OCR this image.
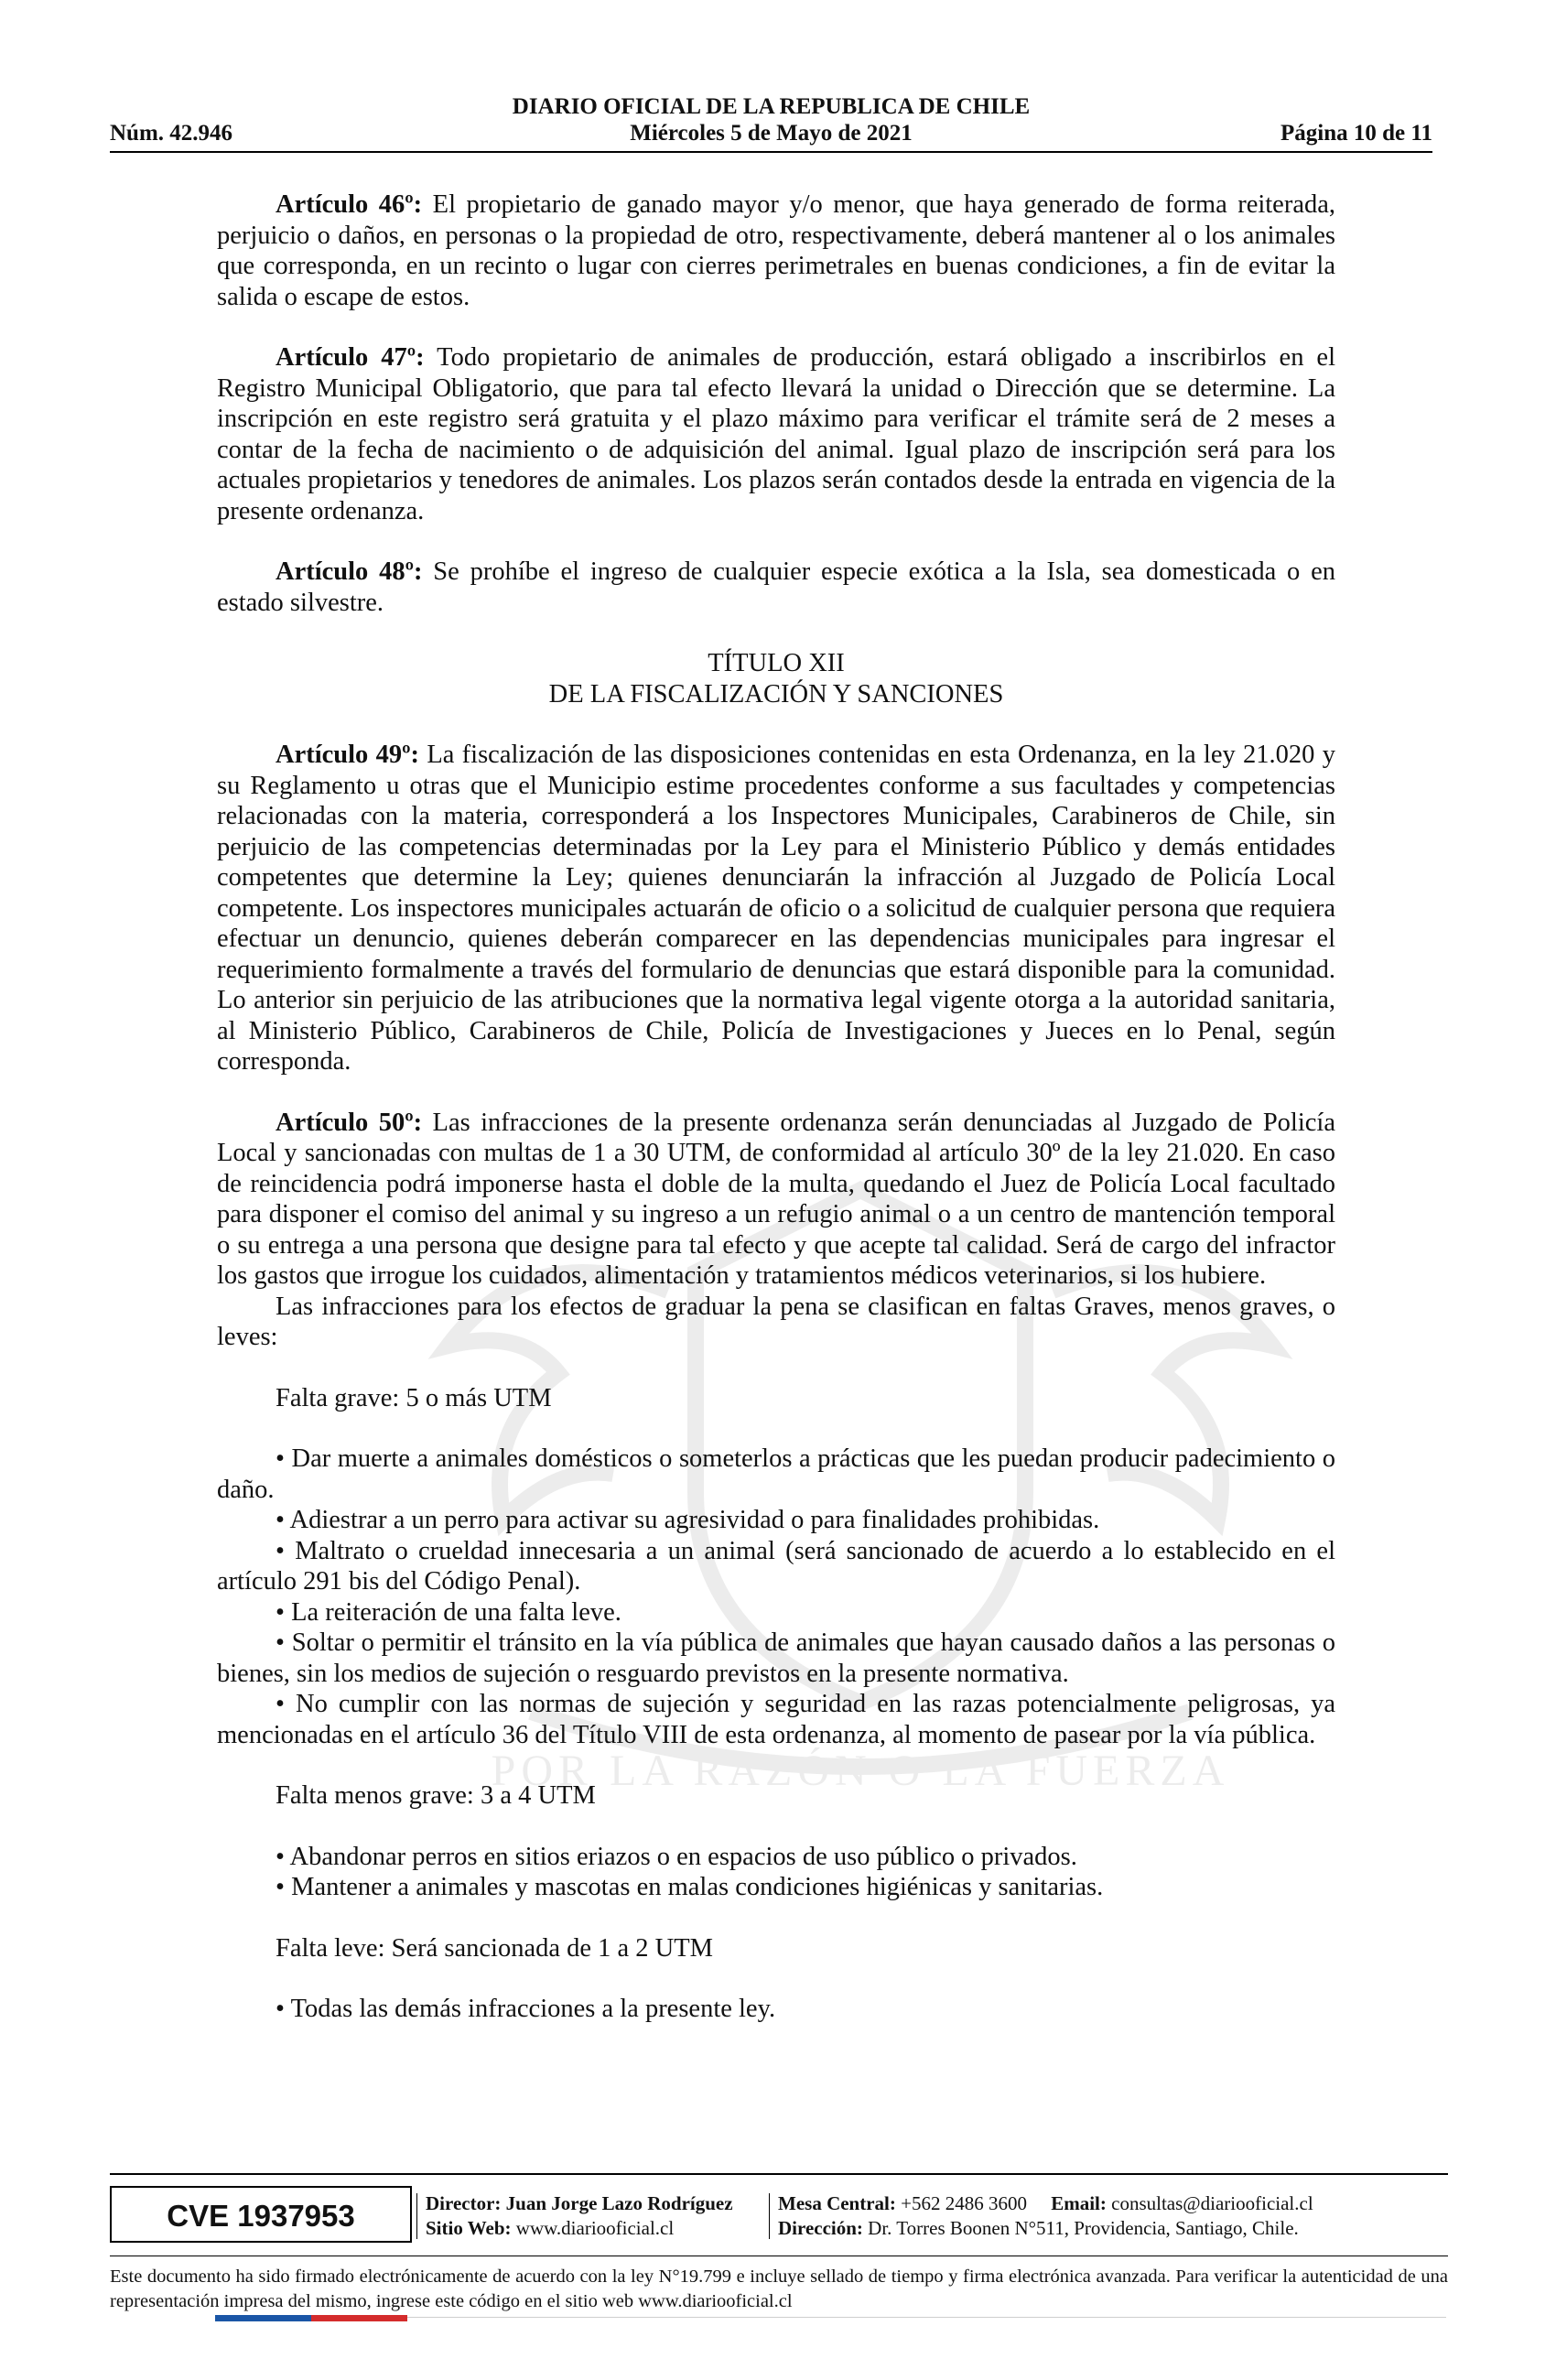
POR LA RAZÓN O LA FUERZA
DIARIO OFICIAL DE LA REPUBLICA DE CHILE
Núm. 42.946	Miércoles 5 de Mayo de 2021	Página 10 de 11

Artículo 46º: El propietario de ganado mayor y/o menor, que haya generado de forma reiterada, perjuicio o daños, en personas o la propiedad de otro, respectivamente, deberá mantener al o los animales que corresponda, en un recinto o lugar con cierres perimetrales en buenas condiciones, a fin de evitar la salida o escape de estos.

Artículo 47º: Todo propietario de animales de producción, estará obligado a inscribirlos en el Registro Municipal Obligatorio, que para tal efecto llevará la unidad o Dirección que se determine. La inscripción en este registro será gratuita y el plazo máximo para verificar el trámite será de 2 meses a contar de la fecha de nacimiento o de adquisición del animal. Igual plazo de inscripción será para los actuales propietarios y tenedores de animales. Los plazos serán contados desde la entrada en vigencia de la presente ordenanza.

Artículo 48º: Se prohíbe el ingreso de cualquier especie exótica a la Isla, sea domesticada o en estado silvestre.

TÍTULO XII
DE LA FISCALIZACIÓN Y SANCIONES

Artículo 49º: La fiscalización de las disposiciones contenidas en esta Ordenanza, en la ley 21.020 y su Reglamento u otras que el Municipio estime procedentes conforme a sus facultades y competencias relacionadas con la materia, corresponderá a los Inspectores Municipales, Carabineros de Chile, sin perjuicio de las competencias determinadas por la Ley para el Ministerio Público y demás entidades competentes que determine la Ley; quienes denunciarán la infracción al Juzgado de Policía Local competente. Los inspectores municipales actuarán de oficio o a solicitud de cualquier persona que requiera efectuar un denuncio, quienes deberán comparecer en las dependencias municipales para ingresar el requerimiento formalmente a través del formulario de denuncias que estará disponible para la comunidad. Lo anterior sin perjuicio de las atribuciones que la normativa legal vigente otorga a la autoridad sanitaria, al Ministerio Público, Carabineros de Chile, Policía de Investigaciones y Jueces en lo Penal, según corresponda.

Artículo 50º: Las infracciones de la presente ordenanza serán denunciadas al Juzgado de Policía Local y sancionadas con multas de 1 a 30 UTM, de conformidad al artículo 30º de la ley 21.020. En caso de reincidencia podrá imponerse hasta el doble de la multa, quedando el Juez de Policía Local facultado para disponer el comiso del animal y su ingreso a un refugio animal o a un centro de mantención temporal o su entrega a una persona que designe para tal efecto y que acepte tal calidad. Será de cargo del infractor los gastos que irrogue los cuidados, alimentación y tratamientos médicos veterinarios, si los hubiere.

Las infracciones para los efectos de graduar la pena se clasifican en faltas Graves, menos graves, o leves:

Falta grave: 5 o más UTM

• Dar muerte a animales domésticos o someterlos a prácticas que les puedan producir padecimiento o daño.
• Adiestrar a un perro para activar su agresividad o para finalidades prohibidas.
• Maltrato o crueldad innecesaria a un animal (será sancionado de acuerdo a lo establecido en el artículo 291 bis del Código Penal).
• La reiteración de una falta leve.
• Soltar o permitir el tránsito en la vía pública de animales que hayan causado daños a las personas o bienes, sin los medios de sujeción o resguardo previstos en la presente normativa.
• No cumplir con las normas de sujeción y seguridad en las razas potencialmente peligrosas, ya mencionadas en el artículo 36 del Título VIII de esta ordenanza, al momento de pasear por la vía pública.

Falta menos grave: 3 a 4 UTM

• Abandonar perros en sitios eriazos o en espacios de uso público o privados.
• Mantener a animales y mascotas en malas condiciones higiénicas y sanitarias.

Falta leve: Será sancionada de 1 a 2 UTM

• Todas las demás infracciones a la presente ley.
CVE 1937953	Director: Juan Jorge Lazo Rodríguez
Sitio Web: www.diariooficial.cl
Mesa Central: +562 2486 3600 Email: consultas@diariooficial.cl
Dirección: Dr. Torres Boonen N°511, Providencia, Santiago, Chile.
Este documento ha sido firmado electrónicamente de acuerdo con la ley N°19.799 e incluye sellado de tiempo y firma electrónica avanzada. Para verificar la autenticidad de una representación impresa del mismo, ingrese este código en el sitio web www.diariooficial.cl
